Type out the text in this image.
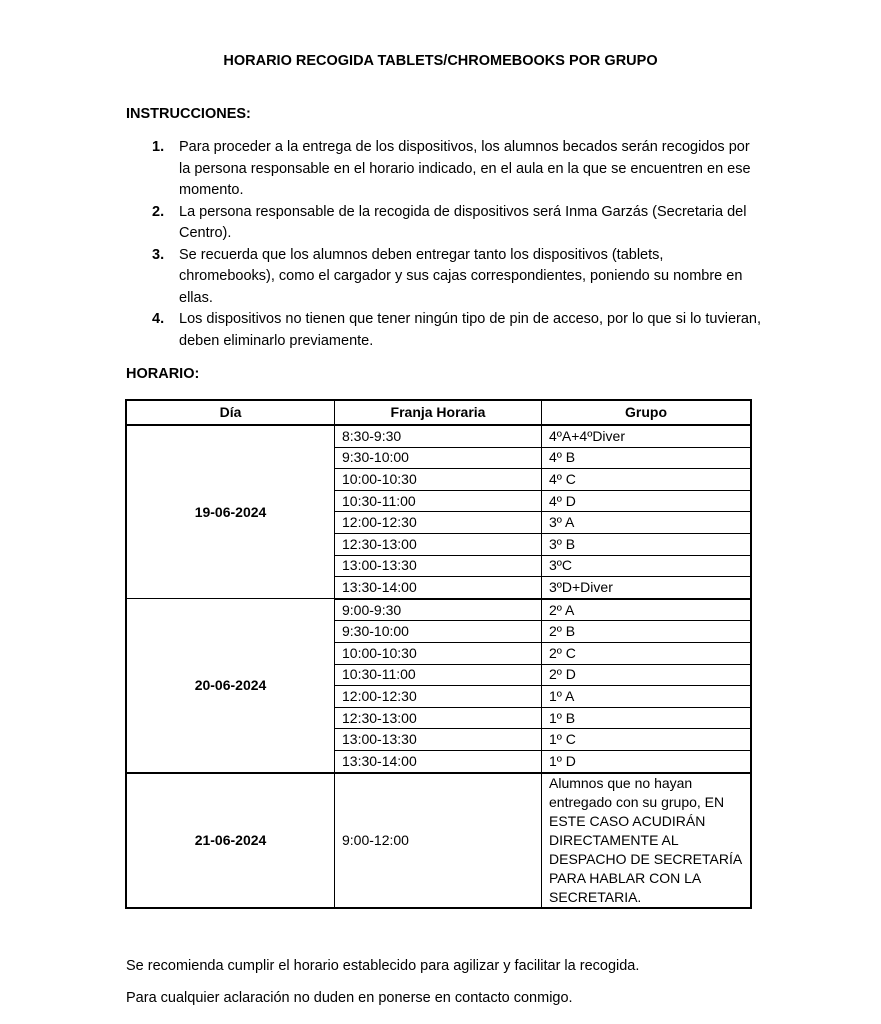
HORARIO RECOGIDA TABLETS/CHROMEBOOKS POR GRUPO
INSTRUCCIONES:
1. Para proceder a la entrega de los dispositivos, los alumnos becados serán recogidos por la persona responsable en el horario indicado, en el aula en la que se encuentren en ese momento.
2. La persona responsable de la recogida de dispositivos será Inma Garzás (Secretaria del Centro).
3. Se recuerda que los alumnos deben entregar tanto los dispositivos (tablets, chromebooks), como el cargador y sus cajas correspondientes, poniendo su nombre en ellas.
4. Los dispositivos no tienen que tener ningún tipo de pin de acceso, por lo que si lo tuvieran, deben eliminarlo previamente.
HORARIO:
Día	Franja Horaria	Grupo
19-06-2024	8:30-9:30	4ºA+4ºDiver
	9:30-10:00	4º B
	10:00-10:30	4º C
	10:30-11:00	4º D
	12:00-12:30	3º A
	12:30-13:00	3º B
	13:00-13:30	3ºC
	13:30-14:00	3ºD+Diver
20-06-2024	9:00-9:30	2º A
	9:30-10:00	2º B
	10:00-10:30	2º C
	10:30-11:00	2º D
	12:00-12:30	1º A
	12:30-13:00	1º B
	13:00-13:30	1º C
	13:30-14:00	1º D
21-06-2024	9:00-12:00	Alumnos que no hayan entregado con su grupo, EN ESTE CASO ACUDIRÁN DIRECTAMENTE AL DESPACHO DE SECRETARÍA PARA HABLAR CON LA SECRETARIA.
Se recomienda cumplir el horario establecido para agilizar y facilitar la recogida.
Para cualquier aclaración no duden en ponerse en contacto conmigo.
